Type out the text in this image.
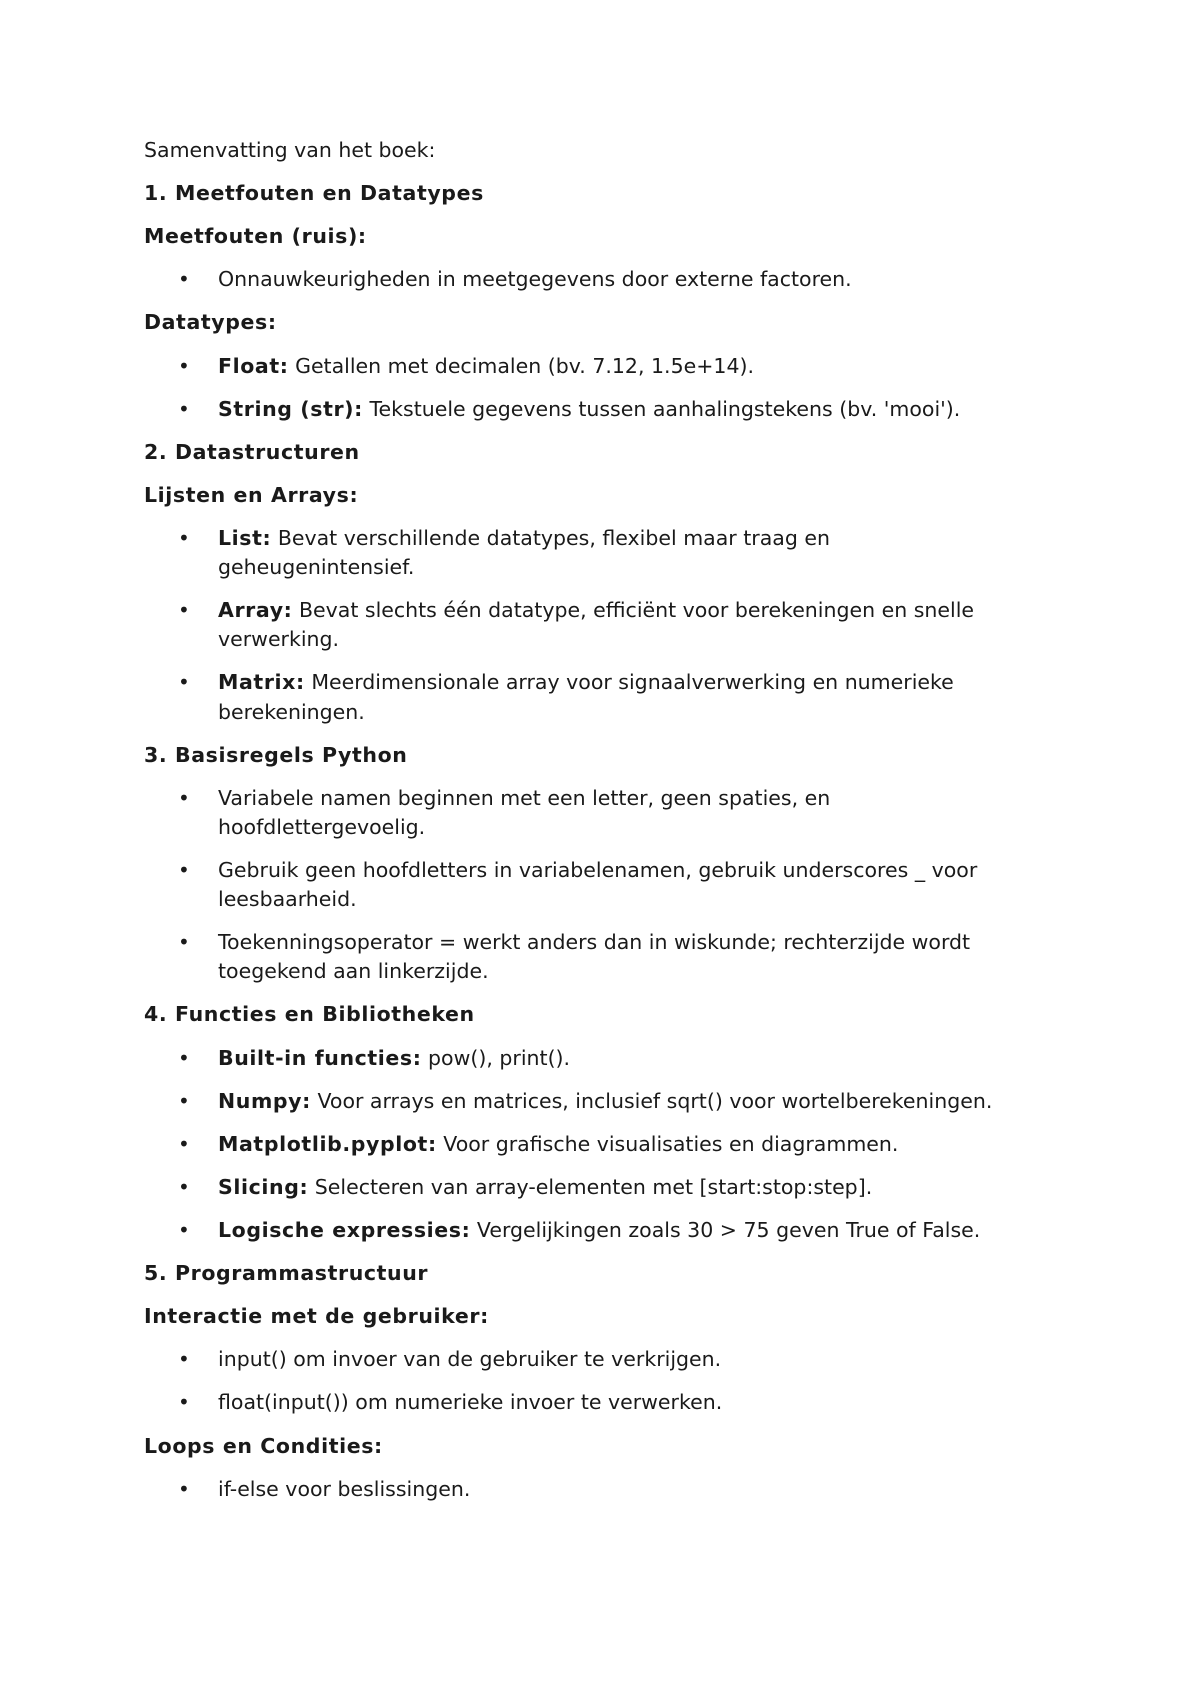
Samenvatting van het boek:

1. Meetfouten en Datatypes

Meetfouten (ruis):

• Onnauwkeurigheden in meetgegevens door externe factoren.

Datatypes:

• Float: Getallen met decimalen (bv. 7.12, 1.5e+14).
• String (str): Tekstuele gegevens tussen aanhalingstekens (bv. 'mooi').

2. Datastructuren

Lijsten en Arrays:

• List: Bevat verschillende datatypes, flexibel maar traag en
geheugenintensief.
• Array: Bevat slechts één datatype, efficiënt voor berekeningen en snelle
verwerking.
• Matrix: Meerdimensionale array voor signaalverwerking en numerieke
berekeningen.

3. Basisregels Python

• Variabele namen beginnen met een letter, geen spaties, en
hoofdlettergevoelig.
• Gebruik geen hoofdletters in variabelenamen, gebruik underscores _ voor
leesbaarheid.
• Toekenningsoperator = werkt anders dan in wiskunde; rechterzijde wordt
toegekend aan linkerzijde.

4. Functies en Bibliotheken

• Built-in functies: pow(), print().
• Numpy: Voor arrays en matrices, inclusief sqrt() voor wortelberekeningen.
• Matplotlib.pyplot: Voor grafische visualisaties en diagrammen.
• Slicing: Selecteren van array-elementen met [start:stop:step].
• Logische expressies: Vergelijkingen zoals 30 > 75 geven True of False.

5. Programmastructuur

Interactie met de gebruiker:

• input() om invoer van de gebruiker te verkrijgen.
• float(input()) om numerieke invoer te verwerken.

Loops en Condities:

• if-else voor beslissingen.
